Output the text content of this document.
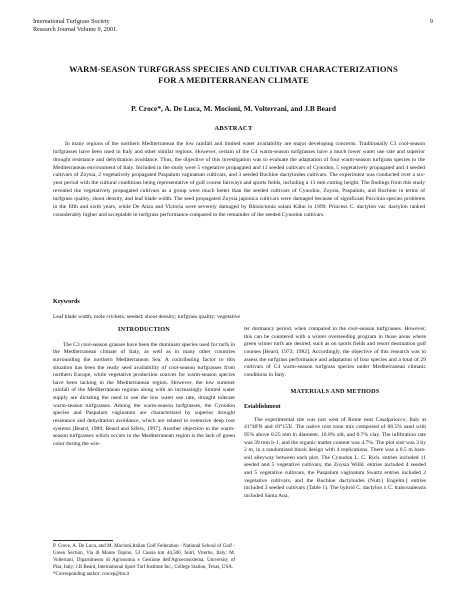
International Turfgrass Society
Research Journal Volume 9, 2001.
9
WARM-SEASON TURFGRASS SPECIES AND CULTIVAR CHARACTERIZATIONS
FOR A MEDITERRANEAN CLIMATE
P. Croce*, A. De Luca, M. Mocioni, M. Volterrani, and J.B Beard
ABSTRACT

In many regions of the northern Mediterranean the low rainfall and limited water availability are major developing concerns. Traditionally C3 cool-season turfgrasses have been used in Italy and other similar regions. However, certain of the C4 warm-season turfgrasses have a much lower water use rate and superior drought resistance and dehydration avoidance. Thus, the objective of this investigation was to evaluate the adaptation of four warm-season turfgrass species to the Mediterranean environment of Italy. Included in the study were 5 vegetative propagated and 11 seeded cultivars of Cynodon, 5 vegetatively propagated and 4 seeded cultivars of Zoysia, 2 vegetatively propagated Paspalum vaginatum cultivars, and 3 seeded Buchloe dactyloides cultivars. The experiment was conducted over a six-year period with the cultural conditions being representative of golf course fairways and sports fields, including a 13 mm cutting height. The findings from this study revealed the vegetatively propagated cultivars as a group were much better than the seeded cultivars of Cynodon, Zoysia, Paspalum, and Buchloe in terms of turfgrass quality, shoot density, and leaf blade width. The seed propagated Zoysia japonica cultivars were damaged because of significant Puccinia species problems in the fifth and sixth years, while De Anza and Victoria were severely damaged by Rhizoctonia solani Kühn in 1999. Princess C. dactylon var. dactylon ranked considerably higher and acceptable in turfgrass performance compared to the remainder of the seeded Cynodon cultivars.

Keywords

Leaf blade width; mole crickets; seeded; shoot density; turfgrass quality; vegetative

INTRODUCTION

The C3 cool-season grasses have been the dominant species used for turfs in the Mediterranean climate of Italy, as well as in many other countries surrounding the northern Mediterranean Sea. A contributing factor to this situation has been the ready seed availability of cool-season turfgrasses from northern Europe, while vegetative production sources for warm-season species have been lacking in the Mediterranean region. However, the low summer rainfall of the Mediterranean regions along with an increasingly limited water supply are dictating the need to use the low water use rate, drought tolerant warm-season turfgrasses. Among the warm-season turfgrasses, the Cynodon species and Paspalum vaginatum are characterized by superior drought resistance and dehydration avoidance, which are related to extensive deep root systems [Beard, 1989; Beard and Sifers, 1997]. Another objection to the warm-season turfgrasses which occurs in the Mediterranean region is the lack of green color during the win-

ter dormancy period, when compared to the cool-season turfgrasses. However, this can be countered with a winter overseeding program in those areas where green winter turfs are desired, such as on sports fields and resort destination golf courses [Beard, 1973; 1982]. Accordingly, the objective of this research was to assess the turfgrass performance and adaptation of four species and a total of 29 cultivars of C4 warm-season turfgrass species under Mediterranean climatic conditions in Italy.

MATERIALS AND METHODS
Establishment

The experimental site was just west of Rome near Casalpalocco, Italy at 41°40'N and 10°15'E. The native root zone mix composed of 88.5% sand with 95% above 0.25 mm in diameter, 10.8% silt, and 0.7% clay. The infiltration rate was 39 mm h-1, and the organic matter content was 4.7%. The plot size was 3 by 2 m, in a randomized block design with 4 replications. There was a 0.5 m bare-soil alleyway between each plot. The Cynodon L. C. Rich. entries included 11 seeded and 5 vegetative cultivars, the Zoysia Willd. entries included 4 seeded and 5 vegetative cultivars, the Paspalum vaginatum Swartz entries included 2 vegetative cultivars, and the Buchloe dactyloides (Nutt.) Engelm.] entries included 3 seeded cultivars (Table 1). The hybrid C. dactylon x C. transvaalensis included Santa Ana,

P. Croce, A. De Luca, and M. Mocioni,Italian Golf Federation - National School of Golf - Green Section, Via di Monte Topino, 53 Cassia km 44,500, Sutri, Viterbo, Italy; M. Volterrani, Dipartimento di Agronomia e Gestione dell'Agroecosistema, University of Pisa, Italy; J.B Beard, International Sport Turf Institute Inc., College Station, Texas, USA.
*Corresponding author: crocep@tin.it
